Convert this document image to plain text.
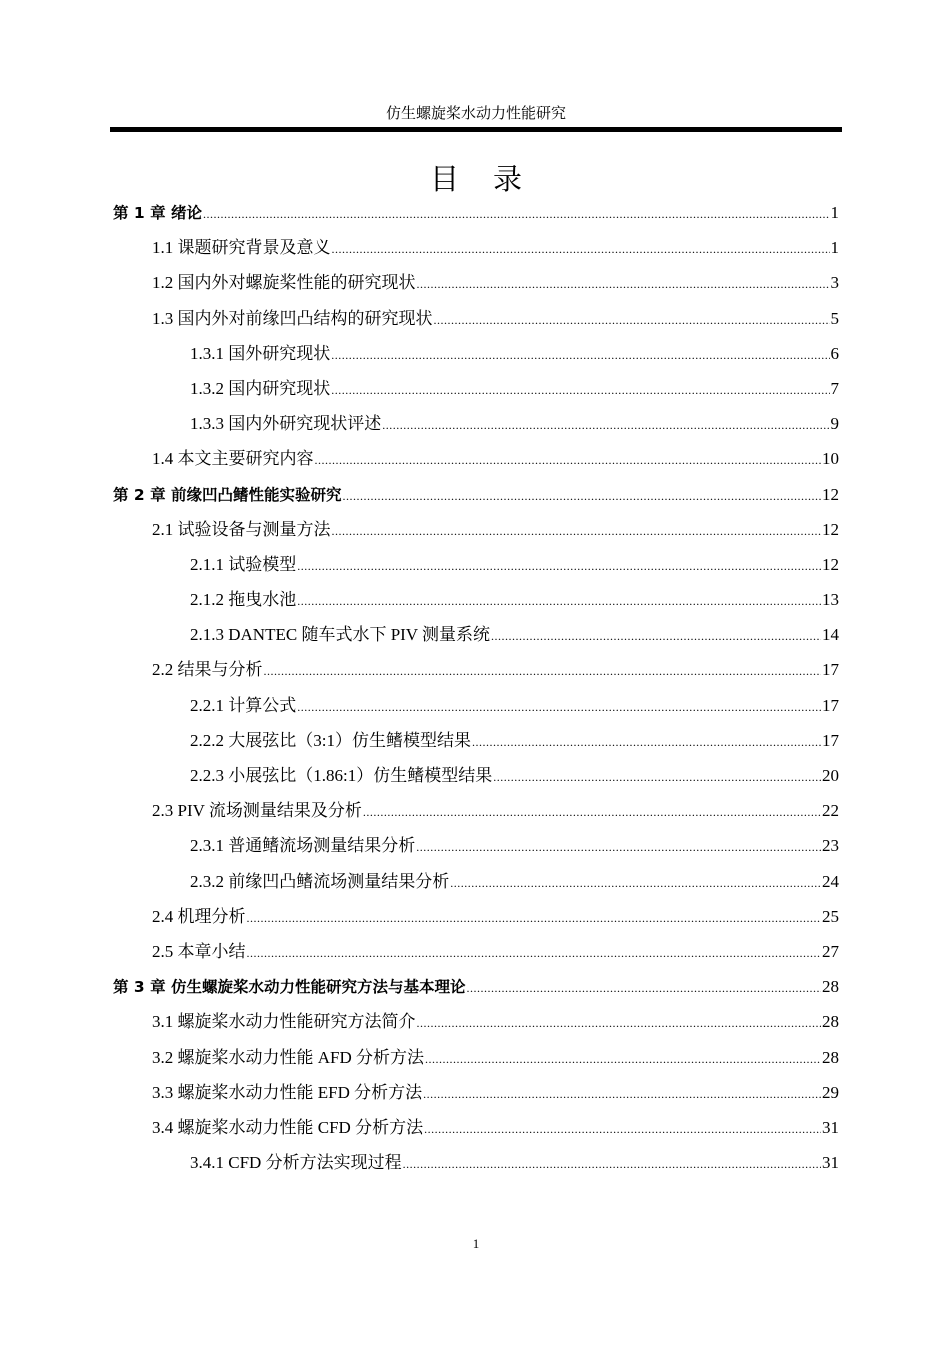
仿生螺旋桨水动力性能研究
目录
第 1 章 绪论 .....	1
1.1 课题研究背景及意义 .....	1
1.2 国内外对螺旋桨性能的研究现状 .....	3
1.3 国内外对前缘凹凸结构的研究现状 .....	5
1.3.1 国外研究现状 .....	6
1.3.2 国内研究现状 .....	7
1.3.3 国内外研究现状评述 .....	9
1.4 本文主要研究内容 .....	10
第 2 章 前缘凹凸鳍性能实验研究 .....	12
2.1 试验设备与测量方法 .....	12
2.1.1 试验模型 .....	12
2.1.2 拖曳水池 .....	13
2.1.3 DANTEC 随车式水下 PIV 测量系统 .....	14
2.2 结果与分析 .....	17
2.2.1 计算公式 .....	17
2.2.2 大展弦比（3:1）仿生鳍模型结果 .....	17
2.2.3 小展弦比（1.86:1）仿生鳍模型结果 .....	20
2.3 PIV 流场测量结果及分析 .....	22
2.3.1 普通鳍流场测量结果分析 .....	23
2.3.2 前缘凹凸鳍流场测量结果分析 .....	24
2.4 机理分析 .....	25
2.5 本章小结 .....	27
第 3 章 仿生螺旋桨水动力性能研究方法与基本理论 .....	28
3.1 螺旋桨水动力性能研究方法简介 .....	28
3.2 螺旋桨水动力性能 AFD 分析方法 .....	28
3.3 螺旋桨水动力性能 EFD 分析方法 .....	29
3.4 螺旋桨水动力性能 CFD 分析方法 .....	31
3.4.1 CFD 分析方法实现过程 .....	31
1
